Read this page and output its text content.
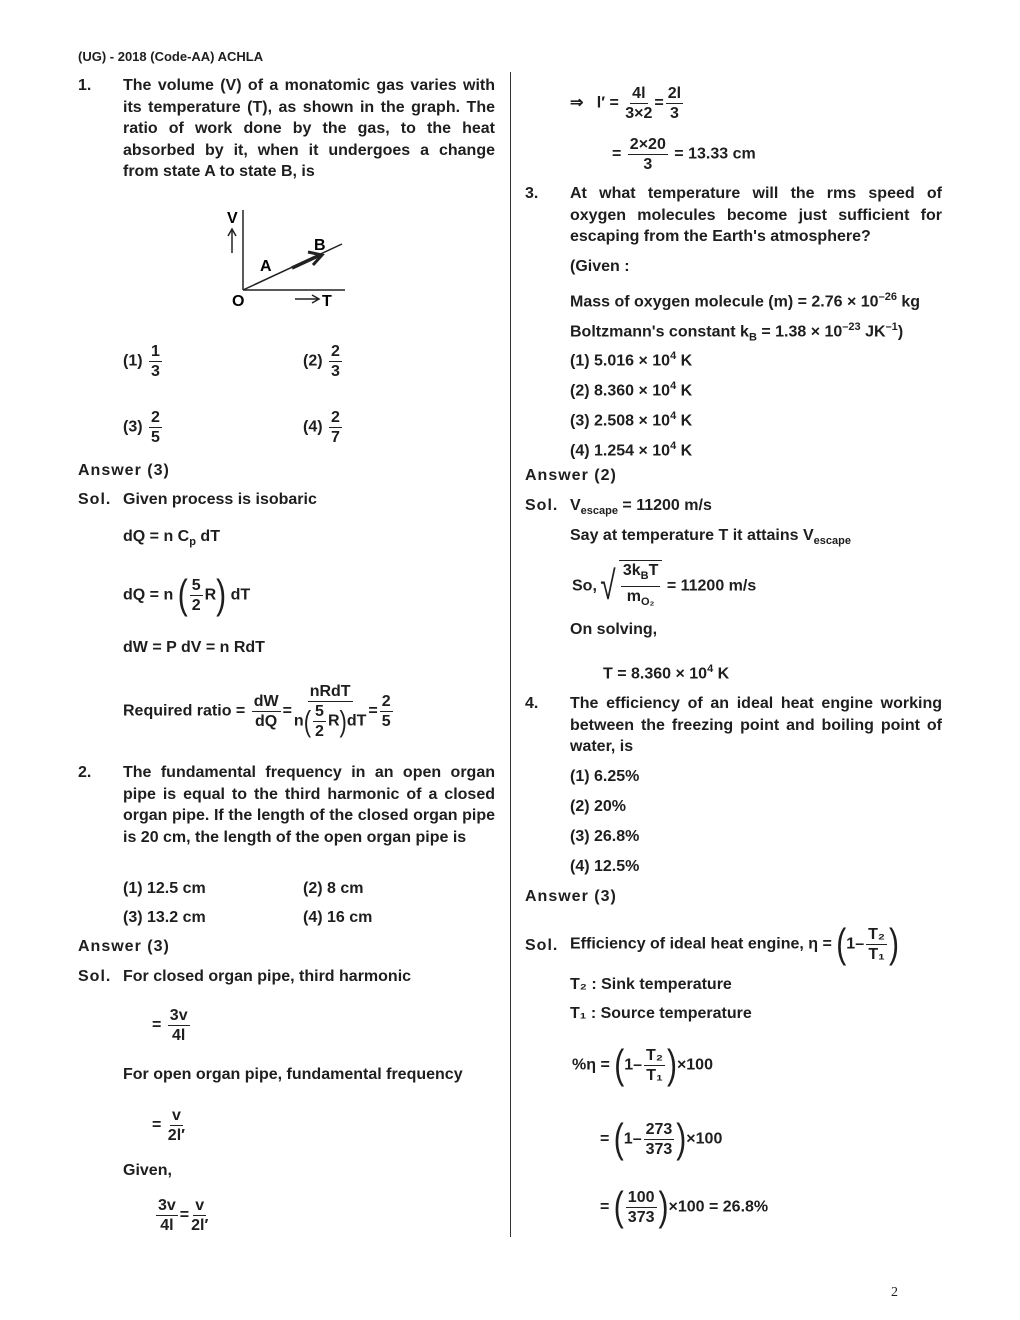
(UG) - 2018 (Code-AA) ACHLA
1. The volume (V) of a monatomic gas varies with its temperature (T), as shown in the graph. The ratio of work done by the gas, to the heat absorbed by it, when it undergoes a change from state A to state B, is
V
T
O
A
B
$(1) \frac{1}{3}$	$(2) \frac{2}{3}$
$(3) \frac{2}{5}$	$(4) \frac{2}{7}$
Answer (3)
Sol. Given process is isobaric
dQ = n $C_p$ dT
dQ = n ( $\frac{5}{2} R$) dT
dW = P dV = n RdT
Required ratio = $\frac{dW}{dQ} = \frac{\text{nRdT}}{n( \frac{5}{2} R)dT} = \frac{2}{5}$
2. The fundamental frequency in an open organ pipe is equal to the third harmonic of a closed organ pipe. If the length of the closed organ pipe is 20 cm, the length of the open organ pipe is
(1) 12.5 cm	(2) 8 cm
(3) 13.2 cm	(4) 16 cm
Answer (3)
Sol. For closed organ pipe, third harmonic
= $\frac{3v}{4l}$
For open organ pipe, fundamental frequency
= $\frac{v}{2l'}$
Given,
$\frac{3v}{4l} = \frac{v}{2l'}$
⇒ $l' = \frac{4l}{3\times 2} = \frac{2l}{3}$
= $\frac{2\times 20}{3} = 13.33$ cm
3. At what temperature will the rms speed of oxygen molecules become just sufficient for escaping from the Earth's atmosphere?
(Given :
Mass of oxygen molecule $(m) = 2.76 \times 10^{-26}$ kg
Boltzmann's constant $k_B = 1.38 \times 10^{-23}$ $JK^{-1}$)
(1) $5.016 \times 10^4$ K
(2) $8.360 \times 10^4$ K
(3) $2.508 \times 10^4$ K
(4) $1.254 \times 10^4$ K
Answer (2)
Sol. $V_{escape} = 11200$ m/s
Say at temperature T it attains $V_{escape}$
So, √ $\frac{3k_BT}{m_{O_2}} = 11200$ m/s
On solving,
$T = 8.360 \times 10^4$ K
4. The efficiency of an ideal heat engine working between the freezing point and boiling point of water, is
(1) 6.25%
(2) 20%
(3) 26.8%
(4) 12.5%
Answer (3)
Sol. Efficiency of ideal heat engine, $\eta = (1- \frac{\text{T₂}}{\text{T₁}}$ )
T₂ : Sink temperature
T₁ : Source temperature
$\%\eta = (1- \frac{\text{T₂}}{\text{T₁}} )\times 100$
= $(1- \frac{273}{373} )\times 100$
= ( $\frac{100}{373} )\times 100 = 26.8\%$
2
